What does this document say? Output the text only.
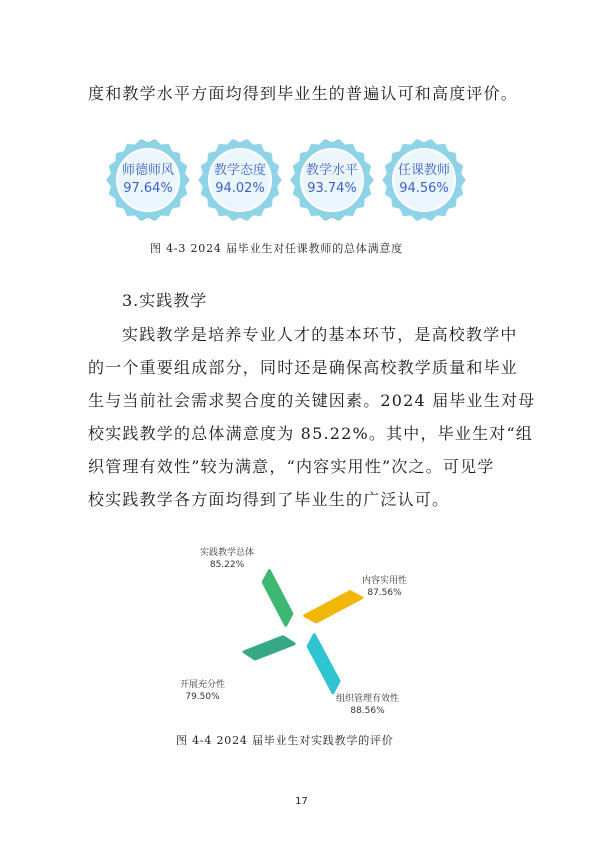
度和教学水平方面均得到毕业生的普遍认可和高度评价。
师德师风
97.64%
教学态度
94.02%
教学水平
93.74%
任课教师
94.56%
图 4-3 2024 届毕业生对任课教师的总体满意度
3.实践教学
实践教学是培养专业人才的基本环节，是高校教学中
的一个重要组成部分，同时还是确保高校教学质量和毕业
生与当前社会需求契合度的关键因素。2024 届毕业生对母
校实践教学的总体满意度为 85.22%。其中，毕业生对“组
织管理有效性”较为满意，“内容实用性”次之。可见学
校实践教学各方面均得到了毕业生的广泛认可。
实践教学总体
85.22%
内容实用性
87.56%
组织管理有效性
88.56%
开展充分性
79.50%
图 4-4 2024 届毕业生对实践教学的评价
17
